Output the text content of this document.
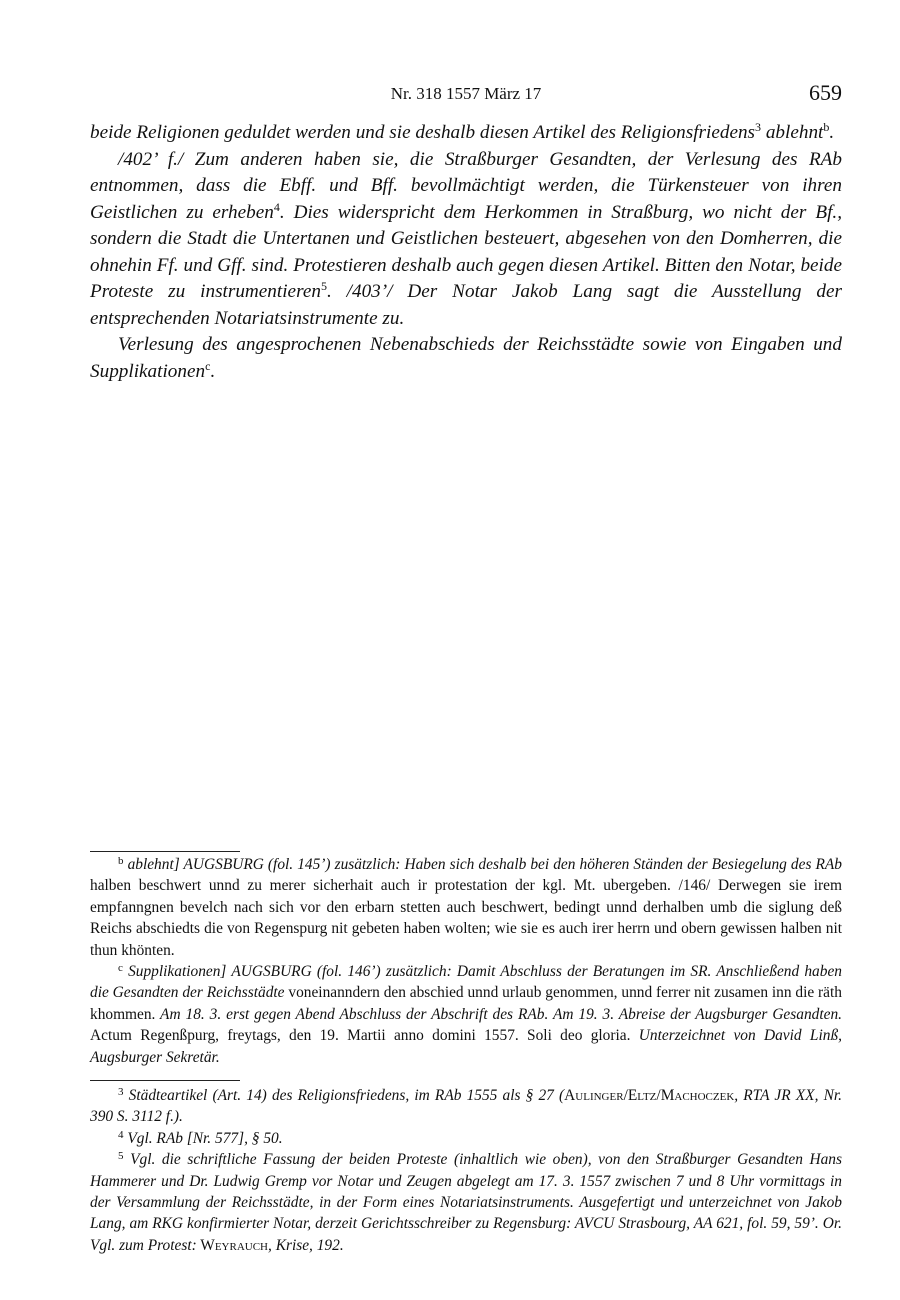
Nr. 318 1557 März 17	659

beide Religionen geduldet werden und sie deshalb diesen Artikel des Religionsfriedens$^3$ ablehnt$^b$.

/402’ f./ Zum anderen haben sie, die Straßburger Gesandten, der Verlesung des RAb entnommen, dass die Ebff. und Bff. bevollmächtigt werden, die Türkensteuer von ihren Geistlichen zu erheben$^4$. Dies widerspricht dem Herkommen in Straßburg, wo nicht der Bf., sondern die Stadt die Untertanen und Geistlichen besteuert, abgesehen von den Domherren, die ohnehin Ff. und Gff. sind. Protestieren deshalb auch gegen diesen Artikel. Bitten den Notar, beide Proteste zu instrumentieren$^5$. /403’/ Der Notar Jakob Lang sagt die Ausstellung der entsprechenden Notariatsinstrumente zu.

Verlesung des angesprochenen Nebenabschieds der Reichsstädte sowie von Eingaben und Supplikationen$^c$.

$^b$ ablehnt] AUGSBURG (fol. 145’) zusätzlich: Haben sich deshalb bei den höheren Ständen der Besiegelung des RAb halben beschwert unnd zu merer sicherhait auch ir protestation der kgl. Mt. ubergeben. /146/ Derwegen sie irem empfanngnen bevelch nach sich vor den erbarn stetten auch beschwert, bedingt unnd derhalben umb die siglung deß Reichs abschiedts die von Regenspurg nit gebeten haben wolten; wie sie es auch irer herrn und obern gewissen halben nit thun khönten.

$^c$ Supplikationen] AUGSBURG (fol. 146’) zusätzlich: Damit Abschluss der Beratungen im SR. Anschließend haben die Gesandten der Reichsstädte voneinanndern den abschied unnd urlaub genommen, unnd ferrer nit zusamen inn die räth khommen. Am 18. 3. erst gegen Abend Abschluss der Abschrift des RAb. Am 19. 3. Abreise der Augsburger Gesandten. Actum Regenßpurg, freytags, den 19. Martii anno domini 1557. Soli deo gloria. Unterzeichnet von David Linß, Augsburger Sekretär.

$^3$ Städteartikel (Art. 14) des Religionsfriedens, im RAb 1555 als § 27 (Aulinger/Eltz/Machoczek, RTA JR XX, Nr. 390 S. 3112 f.).

$^4$ Vgl. RAb [Nr. 577], § 50.

$^5$ Vgl. die schriftliche Fassung der beiden Proteste (inhaltlich wie oben), von den Straßburger Gesandten Hans Hammerer und Dr. Ludwig Gremp vor Notar und Zeugen abgelegt am 17. 3. 1557 zwischen 7 und 8 Uhr vormittags in der Versammlung der Reichsstädte, in der Form eines Notariatsinstruments. Ausgefertigt und unterzeichnet von Jakob Lang, am RKG konfirmierter Notar, derzeit Gerichtsschreiber zu Regensburg: AVCU Strasbourg, AA 621, fol. 59, 59’. Or. Vgl. zum Protest: Weyrauch, Krise, 192.
